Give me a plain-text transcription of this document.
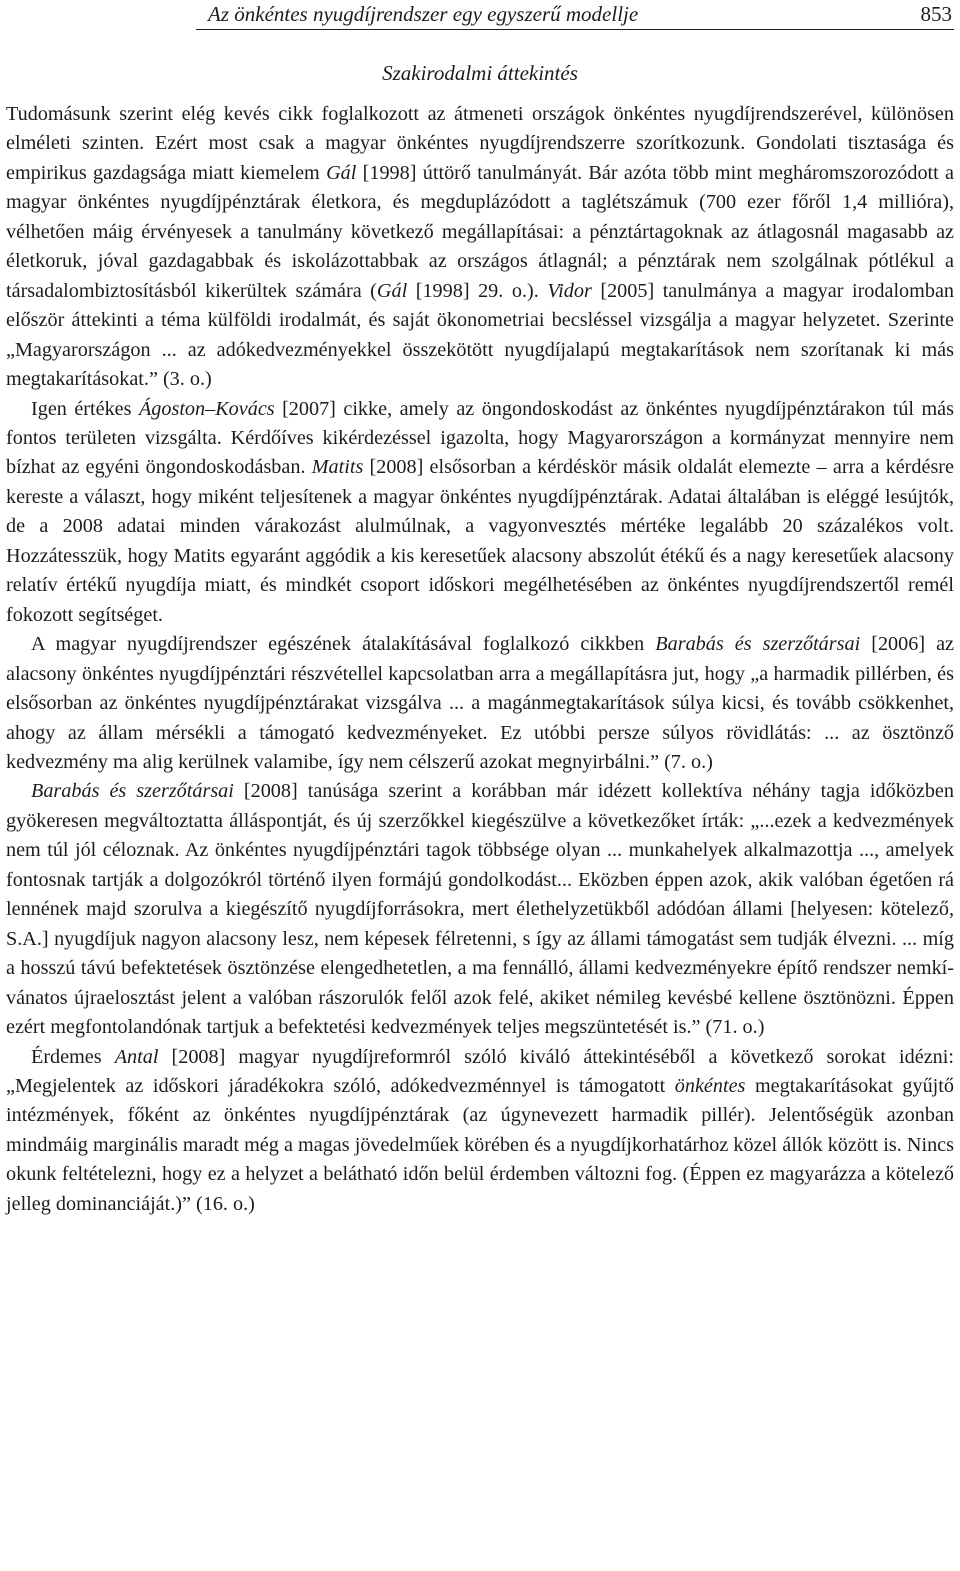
Az önkéntes nyugdíjrendszer egy egyszerű modellje	853
Szakirodalmi áttekintés

Tudomásunk szerint elég kevés cikk foglalkozott az átmeneti országok önkéntes nyugdíjrendszerével, különösen elméleti szinten. Ezért most csak a magyar önkéntes nyugdíjrendszerre szorítkozunk. Gondolati tisztasága és empirikus gazdagsága miatt kiemelem Gál [1998] úttörő tanulmányát. Bár azóta több mint megháromszorozódott a magyar önkéntes nyugdíjpénztárak életkora, és megduplázódott a taglétszámuk (700 ezer főről 1,4 millióra), vélhetően máig érvényesek a tanulmány következő megállapításai: a pénztártagoknak az átlagosnál magasabb az életkoruk, jóval gazdagabbak és iskolázottabbak az országos átlagnál; a pénztárak nem szolgálnak pótlékul a társadalombiztosításból kikerültek számára (Gál [1998] 29. o.). Vidor [2005] tanulmánya a magyar irodalomban először áttekinti a téma külföldi irodalmát, és saját ökonometriai becsléssel vizsgálja a magyar helyzetet. Szerinte „Magyarországon ... az adókedvezményekkel összekötött nyugdíjalapú megtakarítások nem szorítanak ki más megtakarításokat.” (3. o.)

Igen értékes Ágoston–Kovács [2007] cikke, amely az öngondoskodást az önkéntes nyugdíjpénztárakon túl más fontos területen vizsgálta. Kérdőíves kikérdezéssel igazolta, hogy Magyarországon a kormányzat mennyire nem bízhat az egyéni öngondoskodásban. Matits [2008] elsősorban a kérdéskör másik oldalát elemezte – arra a kérdésre kereste a választ, hogy miként teljesítenek a magyar önkéntes nyugdíjpénztárak. Adatai általában is eléggé lesújtók, de a 2008 adatai minden várakozást alulmúlnak, a vagyonvesztés mértéke legalább 20 százalékos volt. Hozzátesszük, hogy Matits egyaránt aggódik a kis keresetűek alacsony abszolút étékű és a nagy keresetűek alacsony relatív értékű nyugdíja miatt, és mindkét csoport időskori megélhetésében az önkéntes nyugdíjrendszertől remél fokozott segítséget.

A magyar nyugdíjrendszer egészének átalakításával foglalkozó cikkben Barabás és szerzőtársai [2006] az alacsony önkéntes nyugdíjpénztári részvétellel kapcsolatban arra a megállapításra jut, hogy „a harmadik pillérben, és elsősorban az önkéntes nyugdíjpénztárakat vizsgálva ... a magánmegtakarítások súlya kicsi, és tovább csökkenhet, ahogy az állam mérsékli a támogató kedvezményeket. Ez utóbbi persze súlyos rövidlátás: ... az ösztönző kedvezmény ma alig kerülnek valamibe, így nem célszerű azokat megnyirbálni.” (7. o.)

Barabás és szerzőtársai [2008] tanúsága szerint a korábban már idézett kollektíva néhány tagja időközben gyökeresen megváltoztatta álláspontját, és új szerzőkkel kiegészülve a következőket írták: „...ezek a kedvezmények nem túl jól céloznak. Az önkéntes nyugdíjpénztári tagok többsége olyan ... munkahelyek alkalmazottja ..., amelyek fontosnak tartják a dolgozókról történő ilyen formájú gondolkodást... Eközben éppen azok, akik valóban égetően rá lennének majd szorulva a kiegészítő nyugdíjforrásokra, mert élethelyzetükből adódóan állami [helyesen: kötelező, S.A.] nyugdíjuk nagyon alacsony lesz, nem képesek félretenni, s így az állami támogatást sem tudják élvezni. ... míg a hosszú távú befektetések ösztönzése elengedhetetlen, a ma fennálló, állami kedvezményekre építő rendszer nemkívánatos újraelosztást jelent a valóban rászorulók felől azok felé, akiket némileg kevésbé kellene ösztönözni. Éppen ezért megfontolandónak tartjuk a befektetési kedvezmények teljes megszüntetését is.” (71. o.)

Érdemes Antal [2008] magyar nyugdíjreformról szóló kiváló áttekintéséből a következő sorokat idézni: „Megjelentek az időskori járadékokra szóló, adókedvezménnyel is támogatott önkéntes megtakarításokat gyűjtő intézmények, főként az önkéntes nyugdíjpénztárak (az úgynevezett harmadik pillér). Jelentőségük azonban mindmáig marginális maradt még a magas jövedelműek körében és a nyugdíjkorhatárhoz közel állók között is. Nincs okunk feltételezni, hogy ez a helyzet a belátható időn belül érdemben változni fog. (Éppen ez magyarázza a kötelező jelleg dominanciáját.)” (16. o.)
